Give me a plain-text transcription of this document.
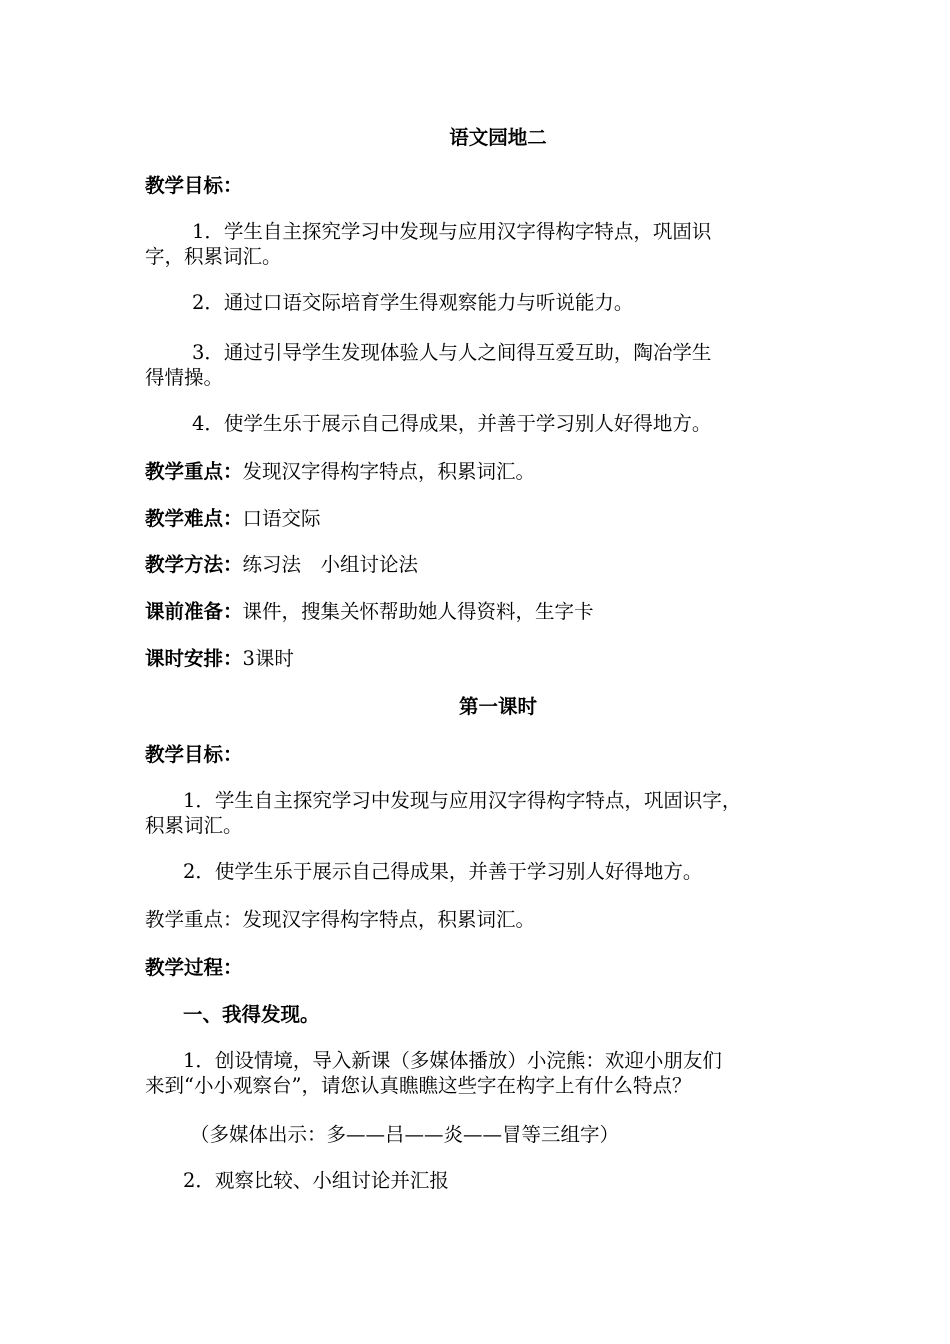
语文园地二
教学目标：
1．学生自主探究学习中发现与应用汉字得构字特点，巩固识
字，积累词汇。
2．通过口语交际培育学生得观察能力与听说能力。
3．通过引导学生发现体验人与人之间得互爱互助，陶冶学生
得情操。
4．使学生乐于展示自己得成果，并善于学习别人好得地方。
教学重点：发现汉字得构字特点，积累词汇。
教学难点：口语交际
教学方法：练习法　小组讨论法
课前准备：课件，搜集关怀帮助她人得资料，生字卡
课时安排：3课时
第一课时
教学目标：
1．学生自主探究学习中发现与应用汉字得构字特点，巩固识字，
积累词汇。
2．使学生乐于展示自己得成果，并善于学习别人好得地方。
教学重点：发现汉字得构字特点，积累词汇。
教学过程：
一、我得发现。
1．创设情境，导入新课（多媒体播放）小浣熊：欢迎小朋友们
来到“小小观察台”，请您认真瞧瞧这些字在构字上有什么特点？
（多媒体出示：多——吕——炎——冒等三组字）
2．观察比较、小组讨论并汇报
